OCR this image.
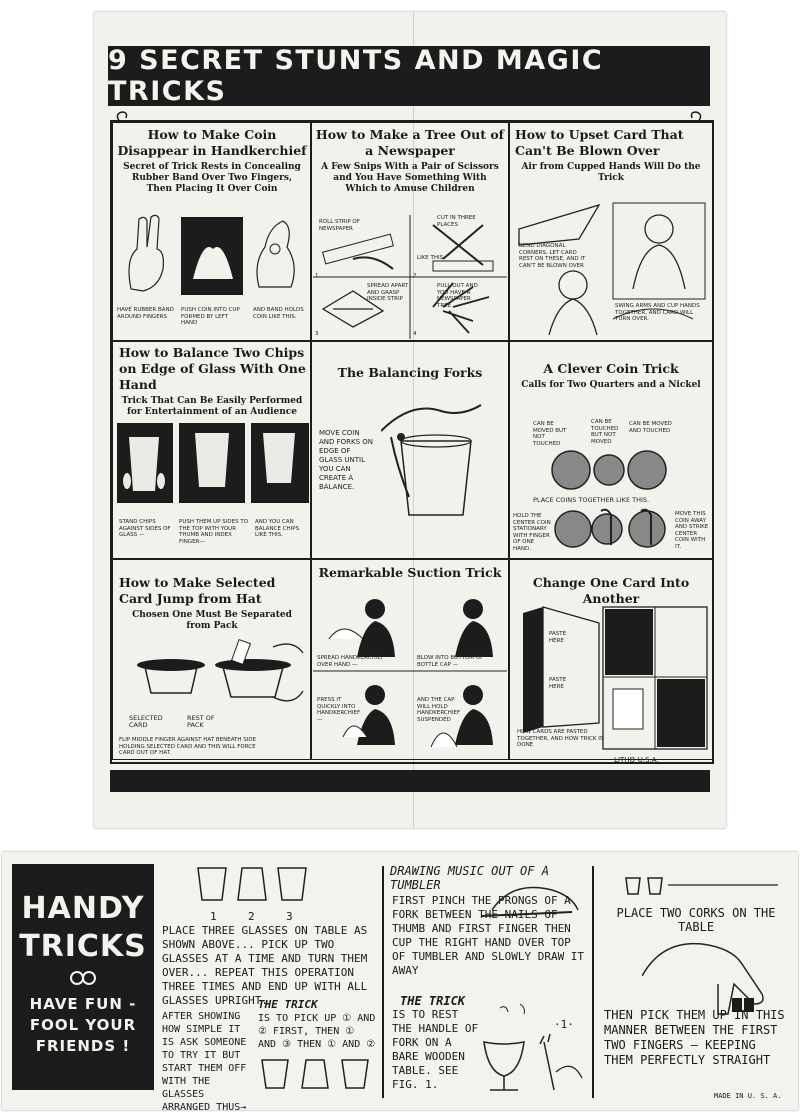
9 SECRET STUNTS AND MAGIC TRICKS
How to Make Coin Disappear in Handkerchief
Secret of Trick Rests in Concealing Rubber Band Over Two Fingers, Then Placing It Over Coin
HAVE RUBBER BAND AROUND FINGERS
PUSH COIN INTO CUP FORMED BY LEFT HAND
AND BAND HOLDS COIN LIKE THIS.
How to Make a Tree Out of a Newspaper
A Few Snips With a Pair of Scissors and You Have Something With Which to Amuse Children
ROLL STRIP OF NEWSPAPER
CUT IN THREE PLACES
LIKE THIS
SPREAD APART AND GRASP INSIDE STRIP
PULL OUT AND YOU HAVE A NEWSPAPER TREE
1	2
3	4
How to Upset Card That Can't Be Blown Over
Air from Cupped Hands Will Do the Trick
BEND DIAGONAL CORNERS, LET CARD REST ON THESE, AND IT CAN'T BE BLOWN OVER
SWING ARMS AND CUP HANDS TOGETHER, AND CARD WILL TURN OVER.
How to Balance Two Chips on Edge of Glass With One Hand
Trick That Can Be Easily Performed for Entertainment of an Audience
STAND CHIPS AGAINST SIDES OF GLASS —
PUSH THEM UP SIDES TO THE TOP WITH YOUR THUMB AND INDEX FINGER—
AND YOU CAN BALANCE CHIPS LIKE THIS.
The Balancing Forks
MOVE COIN AND FORKS ON EDGE OF GLASS UNTIL YOU CAN CREATE A BALANCE.
A Clever Coin Trick
Calls for Two Quarters and a Nickel
CAN BE MOVED BUT NOT TOUCHED
CAN BE TOUCHED BUT NOT MOVED
CAN BE MOVED AND TOUCHED
PLACE COINS TOGETHER LIKE THIS.
HOLD THE CENTER COIN STATIONARY WITH FINGER OF ONE HAND.
MOVE THIS COIN AWAY AND STRIKE CENTER COIN WITH IT.
How to Make Selected Card Jump from Hat
Chosen One Must Be Separated from Pack
SELECTED CARD
REST OF PACK
FLIP MIDDLE FINGER AGAINST HAT BENEATH SIDE HOLDING SELECTED CARD AND THIS WILL FORCE CARD OUT OF HAT.
Remarkable Suction Trick
SPREAD HANDKERCHIEF OVER HAND —
BLOW INTO BOTTOM OF BOTTLE CAP —
PRESS IT QUICKLY INTO HANDKERCHIEF —
AND THE CAP WILL HOLD HANDKERCHIEF SUSPENDED
Change One Card Into Another
PASTE HERE
PASTE HERE
HOW CARDS ARE PASTED TOGETHER, AND HOW TRICK IS DONE
LITHO-U.S.A.
HANDY
TRICKS
HAVE FUN -
FOOL YOUR
FRIENDS !
1	2	3
PLACE THREE GLASSES ON TABLE AS SHOWN ABOVE... PICK UP TWO GLASSES AT A TIME AND TURN THEM OVER... REPEAT THIS OPERATION THREE TIMES AND END UP WITH ALL GLASSES UPRIGHT.
AFTER SHOWING HOW SIMPLE IT IS ASK SOMEONE TO TRY IT BUT START THEM OFF WITH THE GLASSES ARRANGED THUS→
THE TRICK
IS TO PICK UP ① AND ② FIRST, THEN ① AND ③ THEN ① AND ②
DRAWING MUSIC OUT OF A TUMBLER
FIRST PINCH THE PRONGS OF A FORK BETWEEN THE NAILS OF THUMB AND FIRST FINGER THEN CUP THE RIGHT HAND OVER TOP OF TUMBLER AND SLOWLY DRAW IT AWAY
THE TRICK
IS TO REST THE HANDLE OF FORK ON A BARE WOODEN TABLE. SEE FIG. 1.
·1·
PLACE TWO CORKS ON THE TABLE
THEN PICK THEM UP IN THIS MANNER BETWEEN THE FIRST TWO FINGERS — KEEPING THEM PERFECTLY STRAIGHT
MADE IN U. S. A.
